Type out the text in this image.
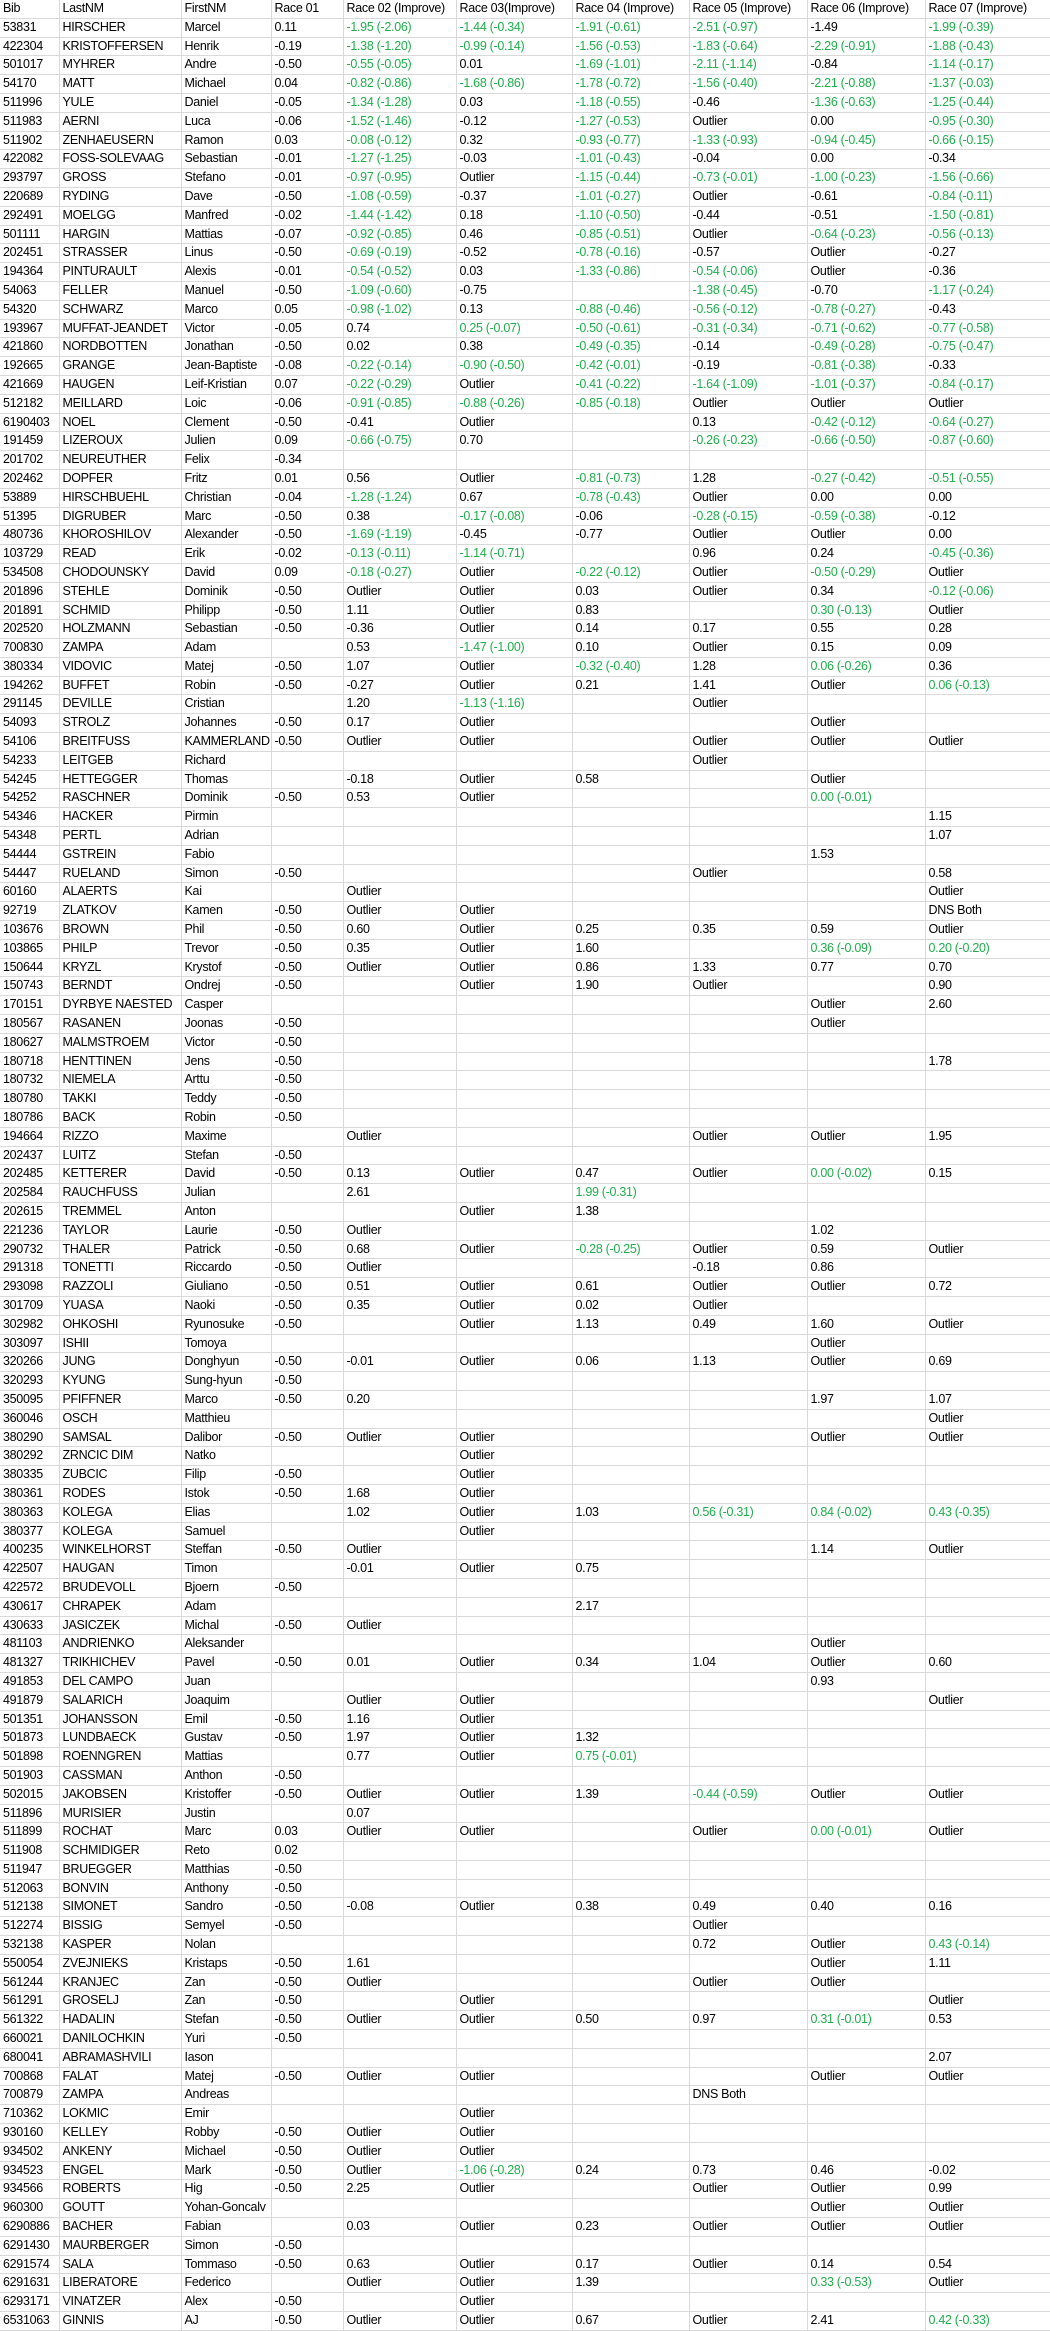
Bib	LastNM	FirstNM	Race 01	Race 02 (Improve)	Race 03(Improve)	Race 04 (Improve)	Race 05 (Improve)	Race 06 (Improve)	Race 07 (Improve)
53831	HIRSCHER	Marcel	0.11	-1.95 (-2.06)	-1.44 (-0.34)	-1.91 (-0.61)	-2.51 (-0.97)	-1.49	-1.99 (-0.39)
422304	KRISTOFFERSEN	Henrik	-0.19	-1.38 (-1.20)	-0.99 (-0.14)	-1.56 (-0.53)	-1.83 (-0.64)	-2.29 (-0.91)	-1.88 (-0.43)
501017	MYHRER	Andre	-0.50	-0.55 (-0.05)	0.01	-1.69 (-1.01)	-2.11 (-1.14)	-0.84	-1.14 (-0.17)
54170	MATT	Michael	0.04	-0.82 (-0.86)	-1.68 (-0.86)	-1.78 (-0.72)	-1.56 (-0.40)	-2.21 (-0.88)	-1.37 (-0.03)
511996	YULE	Daniel	-0.05	-1.34 (-1.28)	0.03	-1.18 (-0.55)	-0.46	-1.36 (-0.63)	-1.25 (-0.44)
511983	AERNI	Luca	-0.06	-1.52 (-1.46)	-0.12	-1.27 (-0.53)	Outlier	0.00	-0.95 (-0.30)
511902	ZENHAEUSERN	Ramon	0.03	-0.08 (-0.12)	0.32	-0.93 (-0.77)	-1.33 (-0.93)	-0.94 (-0.45)	-0.66 (-0.15)
422082	FOSS-SOLEVAAG	Sebastian	-0.01	-1.27 (-1.25)	-0.03	-1.01 (-0.43)	-0.04	0.00	-0.34
293797	GROSS	Stefano	-0.01	-0.97 (-0.95)	Outlier	-1.15 (-0.44)	-0.73 (-0.01)	-1.00 (-0.23)	-1.56 (-0.66)
220689	RYDING	Dave	-0.50	-1.08 (-0.59)	-0.37	-1.01 (-0.27)	Outlier	-0.61	-0.84 (-0.11)
292491	MOELGG	Manfred	-0.02	-1.44 (-1.42)	0.18	-1.10 (-0.50)	-0.44	-0.51	-1.50 (-0.81)
501111	HARGIN	Mattias	-0.07	-0.92 (-0.85)	0.46	-0.85 (-0.51)	Outlier	-0.64 (-0.23)	-0.56 (-0.13)
202451	STRASSER	Linus	-0.50	-0.69 (-0.19)	-0.52	-0.78 (-0.16)	-0.57	Outlier	-0.27
194364	PINTURAULT	Alexis	-0.01	-0.54 (-0.52)	0.03	-1.33 (-0.86)	-0.54 (-0.06)	Outlier	-0.36
54063	FELLER	Manuel	-0.50	-1.09 (-0.60)	-0.75		-1.38 (-0.45)	-0.70	-1.17 (-0.24)
54320	SCHWARZ	Marco	0.05	-0.98 (-1.02)	0.13	-0.88 (-0.46)	-0.56 (-0.12)	-0.78 (-0.27)	-0.43
193967	MUFFAT-JEANDET	Victor	-0.05	0.74	0.25 (-0.07)	-0.50 (-0.61)	-0.31 (-0.34)	-0.71 (-0.62)	-0.77 (-0.58)
421860	NORDBOTTEN	Jonathan	-0.50	0.02	0.38	-0.49 (-0.35)	-0.14	-0.49 (-0.28)	-0.75 (-0.47)
192665	GRANGE	Jean-Baptiste	-0.08	-0.22 (-0.14)	-0.90 (-0.50)	-0.42 (-0.01)	-0.19	-0.81 (-0.38)	-0.33
421669	HAUGEN	Leif-Kristian	0.07	-0.22 (-0.29)	Outlier	-0.41 (-0.22)	-1.64 (-1.09)	-1.01 (-0.37)	-0.84 (-0.17)
512182	MEILLARD	Loic	-0.06	-0.91 (-0.85)	-0.88 (-0.26)	-0.85 (-0.18)	Outlier	Outlier	Outlier
6190403	NOEL	Clement	-0.50	-0.41	Outlier		0.13	-0.42 (-0.12)	-0.64 (-0.27)
191459	LIZEROUX	Julien	0.09	-0.66 (-0.75)	0.70		-0.26 (-0.23)	-0.66 (-0.50)	-0.87 (-0.60)
201702	NEUREUTHER	Felix	-0.34						
202462	DOPFER	Fritz	0.01	0.56	Outlier	-0.81 (-0.73)	1.28	-0.27 (-0.42)	-0.51 (-0.55)
53889	HIRSCHBUEHL	Christian	-0.04	-1.28 (-1.24)	0.67	-0.78 (-0.43)	Outlier	0.00	0.00
51395	DIGRUBER	Marc	-0.50	0.38	-0.17 (-0.08)	-0.06	-0.28 (-0.15)	-0.59 (-0.38)	-0.12
480736	KHOROSHILOV	Alexander	-0.50	-1.69 (-1.19)	-0.45	-0.77	Outlier	Outlier	0.00
103729	READ	Erik	-0.02	-0.13 (-0.11)	-1.14 (-0.71)		0.96	0.24	-0.45 (-0.36)
534508	CHODOUNSKY	David	0.09	-0.18 (-0.27)	Outlier	-0.22 (-0.12)	Outlier	-0.50 (-0.29)	Outlier
201896	STEHLE	Dominik	-0.50	Outlier	Outlier	0.03	Outlier	0.34	-0.12 (-0.06)
201891	SCHMID	Philipp	-0.50	1.11	Outlier	0.83		0.30 (-0.13)	Outlier
202520	HOLZMANN	Sebastian	-0.50	-0.36	Outlier	0.14	0.17	0.55	0.28
700830	ZAMPA	Adam		0.53	-1.47 (-1.00)	0.10	Outlier	0.15	0.09
380334	VIDOVIC	Matej	-0.50	1.07	Outlier	-0.32 (-0.40)	1.28	0.06 (-0.26)	0.36
194262	BUFFET	Robin	-0.50	-0.27	Outlier	0.21	1.41	Outlier	0.06 (-0.13)
291145	DEVILLE	Cristian		1.20	-1.13 (-1.16)		Outlier		
54093	STROLZ	Johannes	-0.50	0.17	Outlier			Outlier	
54106	BREITFUSS	KAMMERLAND	-0.50	Outlier	Outlier		Outlier	Outlier	Outlier
54233	LEITGEB	Richard					Outlier		
54245	HETTEGGER	Thomas		-0.18	Outlier	0.58		Outlier	
54252	RASCHNER	Dominik	-0.50	0.53	Outlier			0.00 (-0.01)	
54346	HACKER	Pirmin							1.15
54348	PERTL	Adrian							1.07
54444	GSTREIN	Fabio						1.53	
54447	RUELAND	Simon	-0.50				Outlier		0.58
60160	ALAERTS	Kai		Outlier					Outlier
92719	ZLATKOV	Kamen	-0.50	Outlier	Outlier				DNS Both
103676	BROWN	Phil	-0.50	0.60	Outlier	0.25	0.35	0.59	Outlier
103865	PHILP	Trevor	-0.50	0.35	Outlier	1.60		0.36 (-0.09)	0.20 (-0.20)
150644	KRYZL	Krystof	-0.50	Outlier	Outlier	0.86	1.33	0.77	0.70
150743	BERNDT	Ondrej	-0.50		Outlier	1.90	Outlier		0.90
170151	DYRBYE NAESTED	Casper						Outlier	2.60
180567	RASANEN	Joonas	-0.50					Outlier	
180627	MALMSTROEM	Victor	-0.50						
180718	HENTTINEN	Jens	-0.50						1.78
180732	NIEMELA	Arttu	-0.50						
180780	TAKKI	Teddy	-0.50						
180786	BACK	Robin	-0.50						
194664	RIZZO	Maxime		Outlier			Outlier	Outlier	1.95
202437	LUITZ	Stefan	-0.50						
202485	KETTERER	David	-0.50	0.13	Outlier	0.47	Outlier	0.00 (-0.02)	0.15
202584	RAUCHFUSS	Julian		2.61		1.99 (-0.31)			
202615	TREMMEL	Anton			Outlier	1.38			
221236	TAYLOR	Laurie	-0.50	Outlier				1.02	
290732	THALER	Patrick	-0.50	0.68	Outlier	-0.28 (-0.25)	Outlier	0.59	Outlier
291318	TONETTI	Riccardo	-0.50	Outlier			-0.18	0.86	
293098	RAZZOLI	Giuliano	-0.50	0.51	Outlier	0.61	Outlier	Outlier	0.72
301709	YUASA	Naoki	-0.50	0.35	Outlier	0.02	Outlier		
302982	OHKOSHI	Ryunosuke	-0.50		Outlier	1.13	0.49	1.60	Outlier
303097	ISHII	Tomoya						Outlier	
320266	JUNG	Donghyun	-0.50	-0.01	Outlier	0.06	1.13	Outlier	0.69
320293	KYUNG	Sung-hyun	-0.50						
350095	PFIFFNER	Marco	-0.50	0.20				1.97	1.07
360046	OSCH	Matthieu							Outlier
380290	SAMSAL	Dalibor	-0.50	Outlier	Outlier			Outlier	Outlier
380292	ZRNCIC DIM	Natko			Outlier				
380335	ZUBCIC	Filip	-0.50		Outlier				
380361	RODES	Istok	-0.50	1.68	Outlier				
380363	KOLEGA	Elias		1.02	Outlier	1.03	0.56 (-0.31)	0.84 (-0.02)	0.43 (-0.35)
380377	KOLEGA	Samuel			Outlier				
400235	WINKELHORST	Steffan	-0.50	Outlier				1.14	Outlier
422507	HAUGAN	Timon		-0.01	Outlier	0.75			
422572	BRUDEVOLL	Bjoern	-0.50						
430617	CHRAPEK	Adam				2.17			
430633	JASICZEK	Michal	-0.50	Outlier					
481103	ANDRIENKO	Aleksander						Outlier	
481327	TRIKHICHEV	Pavel	-0.50	0.01	Outlier	0.34	1.04	Outlier	0.60
491853	DEL CAMPO	Juan						0.93	
491879	SALARICH	Joaquim		Outlier	Outlier				Outlier
501351	JOHANSSON	Emil	-0.50	1.16	Outlier				
501873	LUNDBAECK	Gustav	-0.50	1.97	Outlier	1.32			
501898	ROENNGREN	Mattias		0.77	Outlier	0.75 (-0.01)			
501903	CASSMAN	Anthon	-0.50						
502015	JAKOBSEN	Kristoffer	-0.50	Outlier	Outlier	1.39	-0.44 (-0.59)	Outlier	Outlier
511896	MURISIER	Justin		0.07					
511899	ROCHAT	Marc	0.03	Outlier	Outlier		Outlier	0.00 (-0.01)	Outlier
511908	SCHMIDIGER	Reto	0.02						
511947	BRUEGGER	Matthias	-0.50						
512063	BONVIN	Anthony	-0.50						
512138	SIMONET	Sandro	-0.50	-0.08	Outlier	0.38	0.49	0.40	0.16
512274	BISSIG	Semyel	-0.50				Outlier		
532138	KASPER	Nolan					0.72	Outlier	0.43 (-0.14)
550054	ZVEJNIEKS	Kristaps	-0.50	1.61				Outlier	1.11
561244	KRANJEC	Zan	-0.50	Outlier			Outlier	Outlier	
561291	GROSELJ	Zan	-0.50		Outlier				Outlier
561322	HADALIN	Stefan	-0.50	Outlier	Outlier	0.50	0.97	0.31 (-0.01)	0.53
660021	DANILOCHKIN	Yuri	-0.50						
680041	ABRAMASHVILI	Iason							2.07
700868	FALAT	Matej	-0.50	Outlier	Outlier			Outlier	Outlier
700879	ZAMPA	Andreas					DNS Both		
710362	LOKMIC	Emir			Outlier				
930160	KELLEY	Robby	-0.50	Outlier	Outlier				
934502	ANKENY	Michael	-0.50	Outlier	Outlier				
934523	ENGEL	Mark	-0.50	Outlier	-1.06 (-0.28)	0.24	0.73	0.46	-0.02
934566	ROBERTS	Hig	-0.50	2.25	Outlier		Outlier	Outlier	0.99
960300	GOUTT	Yohan-Goncalv						Outlier	Outlier
6290886	BACHER	Fabian		0.03	Outlier	0.23	Outlier	Outlier	Outlier
6291430	MAURBERGER	Simon	-0.50						
6291574	SALA	Tommaso	-0.50	0.63	Outlier	0.17	Outlier	0.14	0.54
6291631	LIBERATORE	Federico		Outlier	Outlier	1.39		0.33 (-0.53)	Outlier
6293171	VINATZER	Alex	-0.50		Outlier				
6531063	GINNIS	AJ	-0.50	Outlier	Outlier	0.67	Outlier	2.41	0.42 (-0.33)
